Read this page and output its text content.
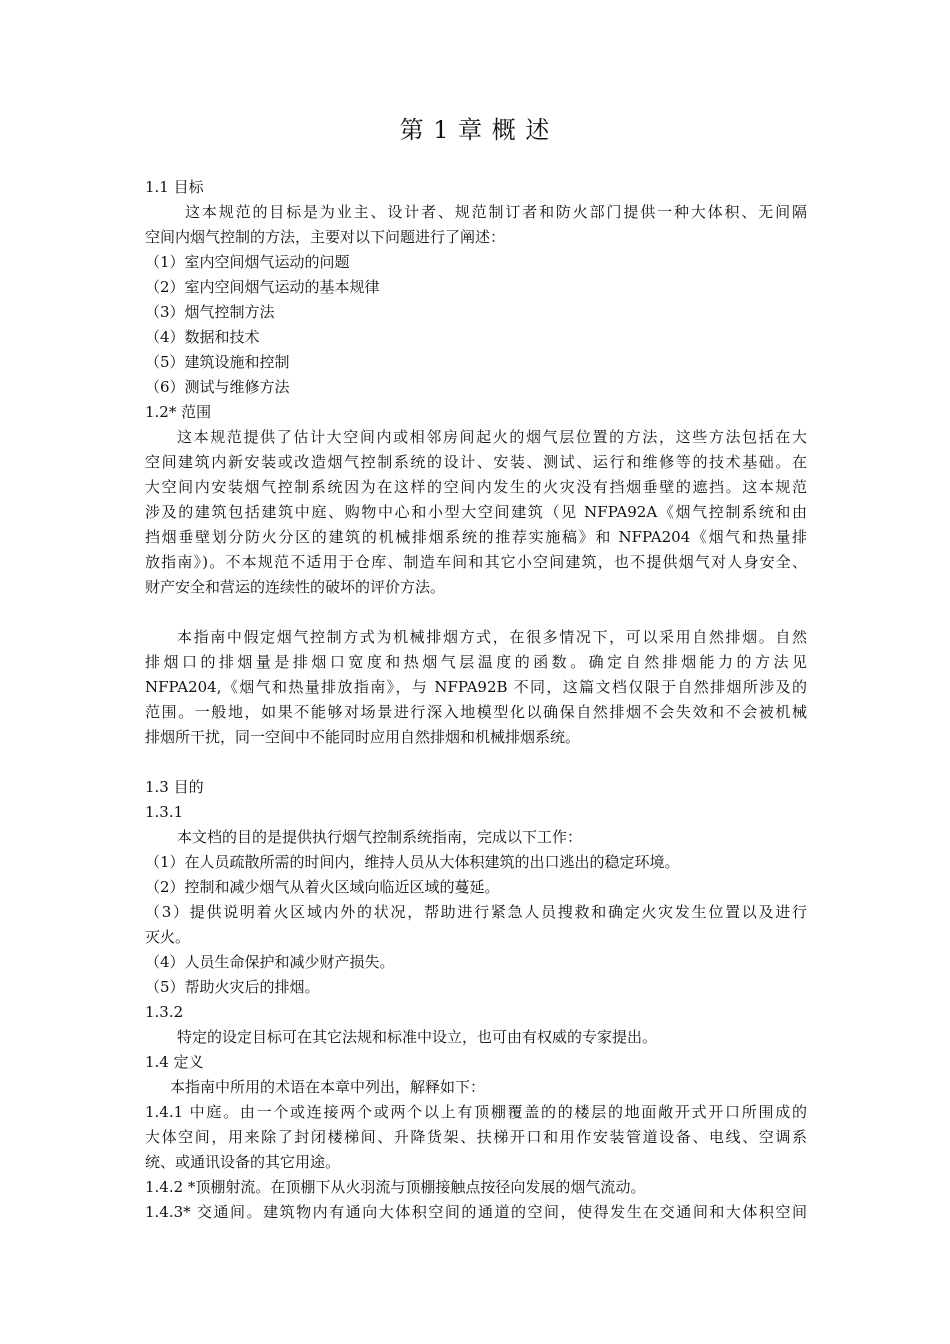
第 1 章 概 述
1.1 目标
这本规范的目标是为业主、设计者、规范制订者和防火部门提供一种大体积、无间隔
空间内烟气控制的方法，主要对以下问题进行了阐述：
（1）室内空间烟气运动的问题
（2）室内空间烟气运动的基本规律
（3）烟气控制方法
（4）数据和技术
（5）建筑设施和控制
（6）测试与维修方法
1.2* 范围
这本规范提供了估计大空间内或相邻房间起火的烟气层位置的方法，这些方法包括在大
空间建筑内新安装或改造烟气控制系统的设计、安装、测试、运行和维修等的技术基础。在
大空间内安装烟气控制系统因为在这样的空间内发生的火灾没有挡烟垂壁的遮挡。这本规范
涉及的建筑包括建筑中庭、购物中心和小型大空间建筑（见 NFPA92A《烟气控制系统和由
挡烟垂壁划分防火分区的建筑的机械排烟系统的推荐实施稿》和 NFPA204《烟气和热量排
放指南》)。不本规范不适用于仓库、制造车间和其它小空间建筑，也不提供烟气对人身安全、
财产安全和营运的连续性的破坏的评价方法。
本指南中假定烟气控制方式为机械排烟方式，在很多情况下，可以采用自然排烟。自然
排烟口的排烟量是排烟口宽度和热烟气层温度的函数。确定自然排烟能力的方法见
NFPA204,《烟气和热量排放指南》，与 NFPA92B 不同，这篇文档仅限于自然排烟所涉及的
范围。一般地，如果不能够对场景进行深入地模型化以确保自然排烟不会失效和不会被机械
排烟所干扰，同一空间中不能同时应用自然排烟和机械排烟系统。
1.3 目的
1.3.1
本文档的目的是提供执行烟气控制系统指南，完成以下工作：
（1）在人员疏散所需的时间内，维持人员从大体积建筑的出口逃出的稳定环境。
（2）控制和减少烟气从着火区域向临近区域的蔓延。
（3）提供说明着火区域内外的状况，帮助进行紧急人员搜救和确定火灾发生位置以及进行
灭火。
（4）人员生命保护和减少财产损失。
（5）帮助火灾后的排烟。
1.3.2
特定的设定目标可在其它法规和标准中设立，也可由有权威的专家提出。
1.4 定义
本指南中所用的术语在本章中列出，解释如下：
1.4.1 中庭。由一个或连接两个或两个以上有顶棚覆盖的的楼层的地面敞开式开口所围成的
大体空间，用来除了封闭楼梯间、升降货架、扶梯开口和用作安装管道设备、电线、空调系
统、或通讯设备的其它用途。
1.4.2 *顶棚射流。在顶棚下从火羽流与顶棚接触点按径向发展的烟气流动。
1.4.3* 交通间。建筑物内有通向大体积空间的通道的空间，使得发生在交通间和大体积空间
